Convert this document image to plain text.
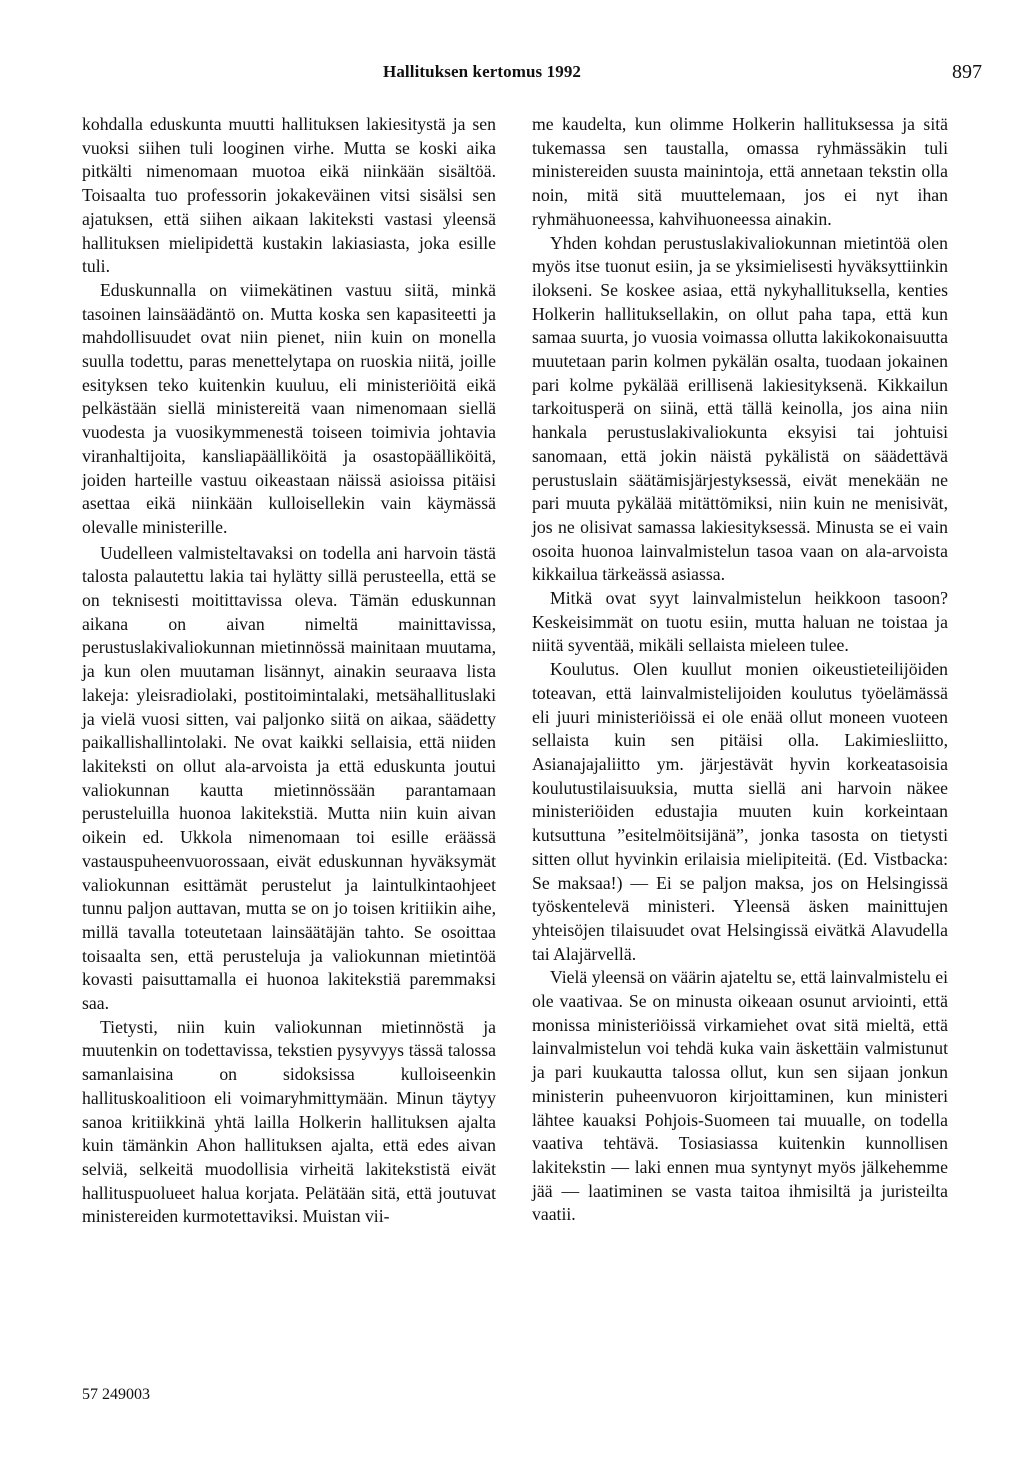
Hallituksen kertomus 1992	897

kohdalla eduskunta muutti hallituksen lakiesitystä ja sen vuoksi siihen tuli looginen virhe. Mutta se koski aika pitkälti nimenomaan muotoa eikä niinkään sisältöä. Toisaalta tuo professorin jokakeväinen vitsi sisälsi sen ajatuksen, että siihen aikaan lakiteksti vastasi yleensä hallituksen mielipidettä kustakin lakiasiasta, joka esille tuli.

Eduskunnalla on viimekätinen vastuu siitä, minkä tasoinen lainsäädäntö on. Mutta koska sen kapasiteetti ja mahdollisuudet ovat niin pienet, niin kuin on monella suulla todettu, paras menettelytapa on ruoskia niitä, joille esityksen teko kuitenkin kuuluu, eli ministeriöitä eikä pelkästään siellä ministereitä vaan nimenomaan siellä vuodesta ja vuosikymmenestä toiseen toimivia johtavia viranhaltijoita, kansliapäälliköitä ja osastopäälliköitä, joiden harteille vastuu oikeastaan näissä asioissa pitäisi asettaa eikä niinkään kulloisellekin vain käymässä olevalle ministerille.

Uudelleen valmisteltavaksi on todella ani harvoin tästä talosta palautettu lakia tai hylätty sillä perusteella, että se on teknisesti moitittavissa oleva. Tämän eduskunnan aikana on aivan nimeltä mainittavissa, perustuslakivaliokunnan mietinnössä mainitaan muutama, ja kun olen muutaman lisännyt, ainakin seuraava lista lakeja: yleisradiolaki, postitoimintalaki, metsähallituslaki ja vielä vuosi sitten, vai paljonko siitä on aikaa, säädetty paikallishallintolaki. Ne ovat kaikki sellaisia, että niiden lakiteksti on ollut ala-arvoista ja että eduskunta joutui valiokunnan kautta mietinnössään parantamaan perusteluilla huonoa lakitekstiä. Mutta niin kuin aivan oikein ed. Ukkola nimenomaan toi esille eräässä vastauspuheenvuorossaan, eivät eduskunnan hyväksymät valiokunnan esittämät perustelut ja laintulkintaohjeet tunnu paljon auttavan, mutta se on jo toisen kritiikin aihe, millä tavalla toteutetaan lainsäätäjän tahto. Se osoittaa toisaalta sen, että perusteluja ja valiokunnan mietintöä kovasti paisuttamalla ei huonoa lakitekstiä paremmaksi saa.

Tietysti, niin kuin valiokunnan mietinnöstä ja muutenkin on todettavissa, tekstien pysyvyys tässä talossa samanlaisina on sidoksissa kulloiseenkin hallituskoalitioon eli voimaryhmittymään. Minun täytyy sanoa kritiikkinä yhtä lailla Holkerin hallituksen ajalta kuin tämänkin Ahon hallituksen ajalta, että edes aivan selviä, selkeitä muodollisia virheitä lakitekstistä eivät hallituspuolueet halua korjata. Pelätään sitä, että joutuvat ministereiden kurmotettaviksi. Muistan vii-

me kaudelta, kun olimme Holkerin hallituksessa ja sitä tukemassa sen taustalla, omassa ryhmässäkin tuli ministereiden suusta mainintoja, että annetaan tekstin olla noin, mitä sitä muuttelemaan, jos ei nyt ihan ryhmähuoneessa, kahvihuoneessa ainakin.

Yhden kohdan perustuslakivaliokunnan mietintöä olen myös itse tuonut esiin, ja se yksimielisesti hyväksyttiinkin ilokseni. Se koskee asiaa, että nykyhallituksella, kenties Holkerin hallituksellakin, on ollut paha tapa, että kun samaa suurta, jo vuosia voimassa ollutta lakikokonaisuutta muutetaan parin kolmen pykälän osalta, tuodaan jokainen pari kolme pykälää erillisenä lakiesityksenä. Kikkailun tarkoitusperä on siinä, että tällä keinolla, jos aina niin hankala perustuslakivaliokunta eksyisi tai johtuisi sanomaan, että jokin näistä pykälistä on säädettävä perustuslain säätämisjärjestyksessä, eivät menekään ne pari muuta pykälää mitättömiksi, niin kuin ne menisivät, jos ne olisivat samassa lakiesityksessä. Minusta se ei vain osoita huonoa lainvalmistelun tasoa vaan on ala-arvoista kikkailua tärkeässä asiassa.

Mitkä ovat syyt lainvalmistelun heikkoon tasoon? Keskeisimmät on tuotu esiin, mutta haluan ne toistaa ja niitä syventää, mikäli sellaista mieleen tulee.

Koulutus. Olen kuullut monien oikeustieteilijöiden toteavan, että lainvalmistelijoiden koulutus työelämässä eli juuri ministeriöissä ei ole enää ollut moneen vuoteen sellaista kuin sen pitäisi olla. Lakimiesliitto, Asianajajaliitto ym. järjestävät hyvin korkeatasoisia koulutustilaisuuksia, mutta siellä ani harvoin näkee ministeriöiden edustajia muuten kuin korkeintaan kutsuttuna ”esitelmöitsijänä”, jonka tasosta on tietysti sitten ollut hyvinkin erilaisia mielipiteitä. (Ed. Vistbacka: Se maksaa!) — Ei se paljon maksa, jos on Helsingissä työskentelevä ministeri. Yleensä äsken mainittujen yhteisöjen tilaisuudet ovat Helsingissä eivätkä Alavudella tai Alajärvellä.

Vielä yleensä on väärin ajateltu se, että lainvalmistelu ei ole vaativaa. Se on minusta oikeaan osunut arviointi, että monissa ministeriöissä virkamiehet ovat sitä mieltä, että lainvalmistelun voi tehdä kuka vain äskettäin valmistunut ja pari kuukautta talossa ollut, kun sen sijaan jonkun ministerin puheenvuoron kirjoittaminen, kun ministeri lähtee kauaksi Pohjois-Suomeen tai muualle, on todella vaativa tehtävä. Tosiasiassa kuitenkin kunnollisen lakitekstin — laki ennen mua syntynyt myös jälkehemme jää — laatiminen se vasta taitoa ihmisiltä ja juristeilta vaatii.

57 249003
